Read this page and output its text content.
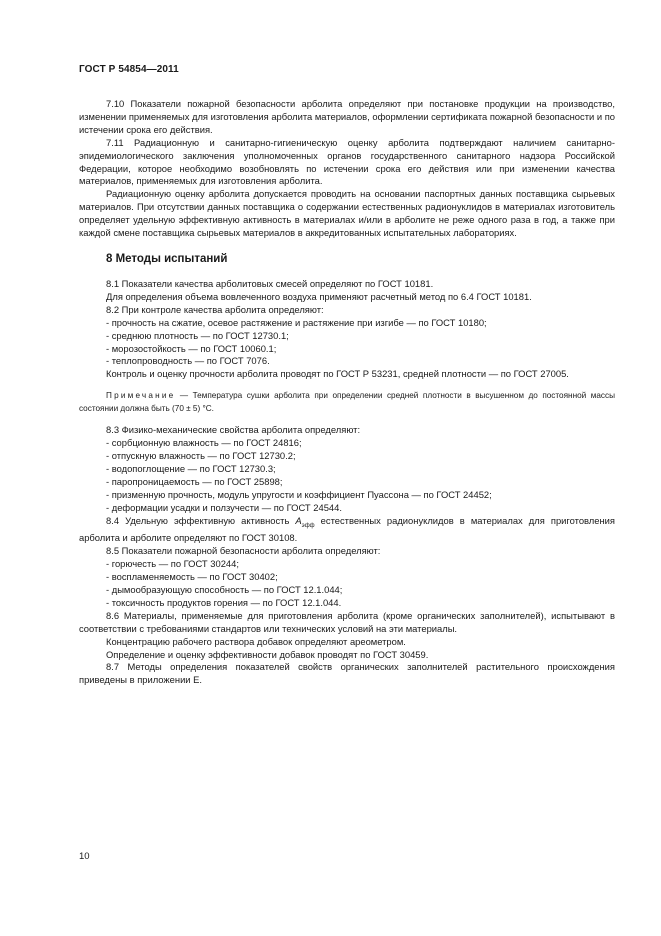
ГОСТ Р 54854—2011

7.10 Показатели пожарной безопасности арболита определяют при постановке продукции на производство, изменении применяемых для изготовления арболита материалов, оформлении сертификата пожарной безопасности и по истечении срока его действия.

7.11 Радиационную и санитарно-гигиеническую оценку арболита подтверждают наличием санитарно-эпидемиологического заключения уполномоченных органов государственного санитарного надзора Российской Федерации, которое необходимо возобновлять по истечении срока его действия или при изменении качества материалов, применяемых для изготовления арболита.

Радиационную оценку арболита допускается проводить на основании паспортных данных поставщика сырьевых материалов. При отсутствии данных поставщика о содержании естественных радионуклидов в материалах изготовитель определяет удельную эффективную активность в материалах и/или в арболите не реже одного раза в год, а также при каждой смене поставщика сырьевых материалов в аккредитованных испытательных лабораториях.

8 Методы испытаний

8.1 Показатели качества арболитовых смесей определяют по ГОСТ 10181.

Для определения объема вовлеченного воздуха применяют расчетный метод по 6.4 ГОСТ 10181.

8.2 При контроле качества арболита определяют:

- прочность на сжатие, осевое растяжение и растяжение при изгибе — по ГОСТ 10180;

- среднюю плотность — по ГОСТ 12730.1;

- морозостойкость — по ГОСТ 10060.1;

- теплопроводность — по ГОСТ 7076.

Контроль и оценку прочности арболита проводят по ГОСТ Р 53231, средней плотности — по ГОСТ 27005.

Примечание — Температура сушки арболита при определении средней плотности в высушенном до постоянной массы состоянии должна быть (70 ± 5) °С.

8.3 Физико-механические свойства арболита определяют:

- сорбционную влажность — по ГОСТ 24816;

- отпускную влажность — по ГОСТ 12730.2;

- водопоглощение — по ГОСТ 12730.3;

- паропроницаемость — по ГОСТ 25898;

- призменную прочность, модуль упругости и коэффициент Пуассона — по ГОСТ 24452;

- деформации усадки и ползучести — по ГОСТ 24544.

8.4 Удельную эффективную активность $А_{эфф}$ естественных радионуклидов в материалах для приготовления арболита и арболите определяют по ГОСТ 30108.

8.5 Показатели пожарной безопасности арболита определяют:

- горючесть — по ГОСТ 30244;

- воспламеняемость — по ГОСТ 30402;

- дымообразующую способность — по ГОСТ 12.1.044;

- токсичность продуктов горения — по ГОСТ 12.1.044.

8.6 Материалы, применяемые для приготовления арболита (кроме органических заполнителей), испытывают в соответствии с требованиями стандартов или технических условий на эти материалы.

Концентрацию рабочего раствора добавок определяют ареометром.

Определение и оценку эффективности добавок проводят по ГОСТ 30459.

8.7 Методы определения показателей свойств органических заполнителей растительного происхождения приведены в приложении Е.

10
